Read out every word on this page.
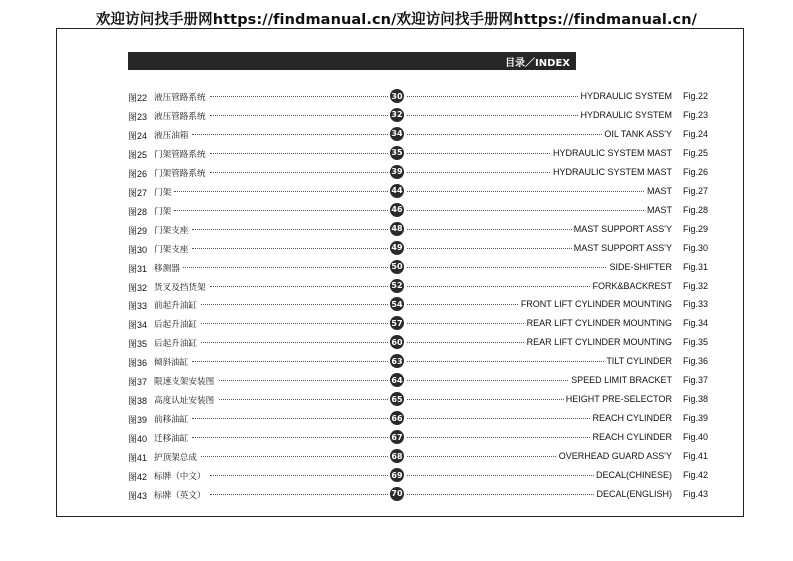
欢迎访问找手册网https://findmanual.cn/欢迎访问找手册网https://findmanual.cn/
目录／INDEX
图22 液压管路系统	30	HYDRAULIC SYSTEM Fig.22
图23 液压管路系统	32	HYDRAULIC SYSTEM Fig.23
图24 液压油箱	34	OIL TANK ASS'Y Fig.24
图25 门架管路系统	35	HYDRAULIC SYSTEM MAST Fig.25
图26 门架管路系统	39	HYDRAULIC SYSTEM MAST Fig.26
图27 门架	44	MAST Fig.27
图28 门架	46	MAST Fig.28
图29 门架支座	48	MAST SUPPORT ASS'Y Fig.29
图30 门架支座	49	MAST SUPPORT ASS'Y Fig.30
图31 移测器	50	SIDE-SHIFTER Fig.31
图32 货叉及挡货架	52	FORK&BACKREST Fig.32
图33 前起升油缸	54	FRONT LIFT CYLINDER MOUNTING Fig.33
图34 后起升油缸	57	REAR LIFT CYLINDER MOUNTING Fig.34
图35 后起升油缸	60	REAR LIFT CYLINDER MOUNTING Fig.35
图36 倾斜油缸	63	TILT CYLINDER Fig.36
图37 限速支架安装图	64	SPEED LIMIT BRACKET Fig.37
图38 高度认址安装图	65	HEIGHT PRE-SELECTOR Fig.38
图39 前移油缸	66	REACH CYLINDER Fig.39
图40 迁移油缸	67	REACH CYLINDER Fig.40
图41 护顶架总成	68	OVERHEAD GUARD ASS'Y Fig.41
图42 标牌（中文）	69	DECAL(CHINESE) Fig.42
图43 标牌（英文）	70	DECAL(ENGLISH) Fig.43
